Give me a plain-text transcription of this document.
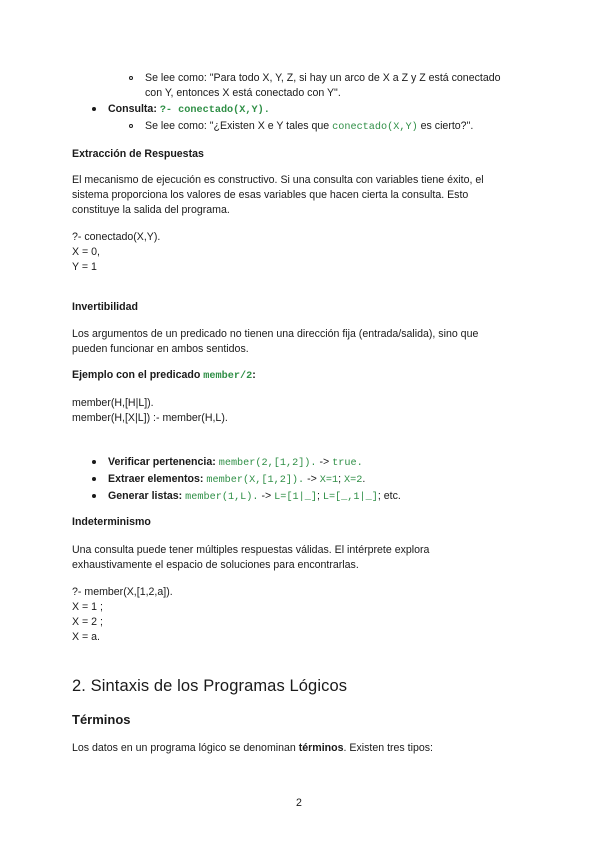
Se lee como: "Para todo X, Y, Z, si hay un arco de X a Z y Z está conectado
con Y, entonces X está conectado con Y".
Consulta: ?- conectado(X,Y).
Se lee como: "¿Existen X e Y tales que conectado(X,Y) es cierto?".
Extracción de Respuestas
El mecanismo de ejecución es constructivo. Si una consulta con variables tiene éxito, el
sistema proporciona los valores de esas variables que hacen cierta la consulta. Esto
constituye la salida del programa.
?- conectado(X,Y).
X = 0,
Y = 1
Invertibilidad
Los argumentos de un predicado no tienen una dirección fija (entrada/salida), sino que
pueden funcionar en ambos sentidos.
Ejemplo con el predicado member/2:
member(H,[H|L]).
member(H,[X|L]) :- member(H,L).
Verificar pertenencia: member(2,[1,2]). -> true.
Extraer elementos: member(X,[1,2]). -> X=1; X=2.
Generar listas: member(1,L). -> L=[1|_]; L=[_,1|_]; etc.
Indeterminismo
Una consulta puede tener múltiples respuestas válidas. El intérprete explora
exhaustivamente el espacio de soluciones para encontrarlas.
?- member(X,[1,2,a]).
X = 1 ;
X = 2 ;
X = a.
2. Sintaxis de los Programas Lógicos
Términos
Los datos en un programa lógico se denominan términos. Existen tres tipos:
2
